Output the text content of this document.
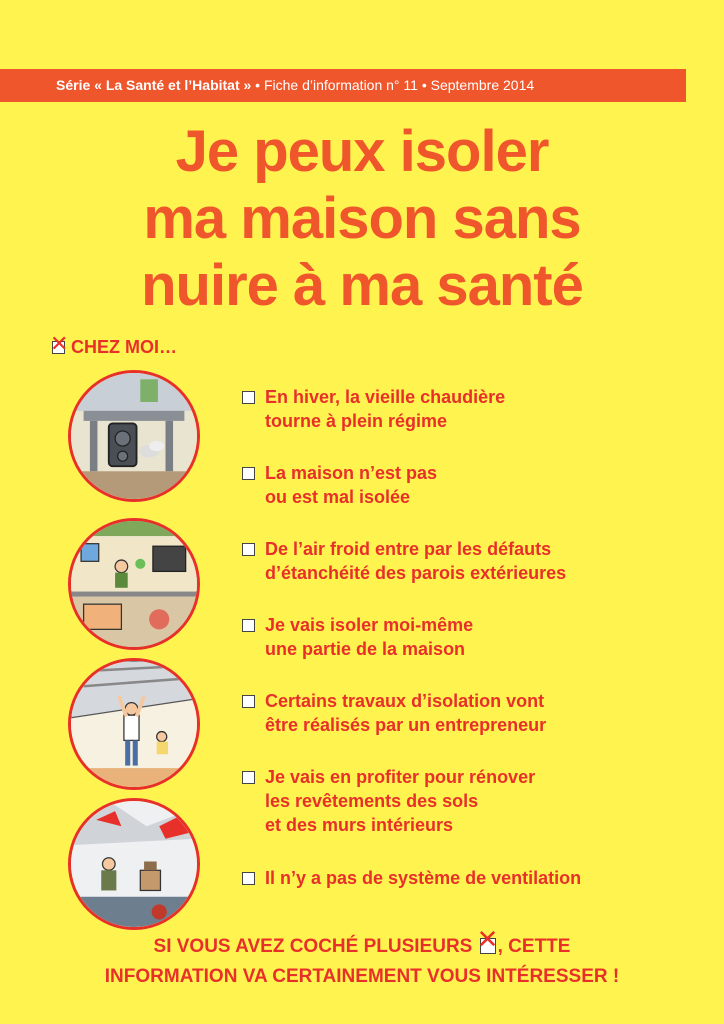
Série « La Santé et l’Habitat » • Fiche d’information n° 11 • Septembre 2014
Je peux isoler
ma maison sans
nuire à ma santé
✕
CHEZ MOI…
En hiver, la vieille chaudière
tourne à plein régime
La maison n’est pas
ou est mal isolée
De l’air froid entre par les défauts
d’étanchéité des parois extérieures
Je vais isoler moi-même
une partie de la maison
Certains travaux d’isolation vont
être réalisés par un entrepreneur
Je vais en profiter pour rénover
les revêtements des sols
et des murs intérieurs
Il n’y a pas de système de ventilation
SI VOUS AVEZ COCHÉ PLUSIEURS ✕ , CETTE
INFORMATION VA CERTAINEMENT VOUS INTÉRESSER !
